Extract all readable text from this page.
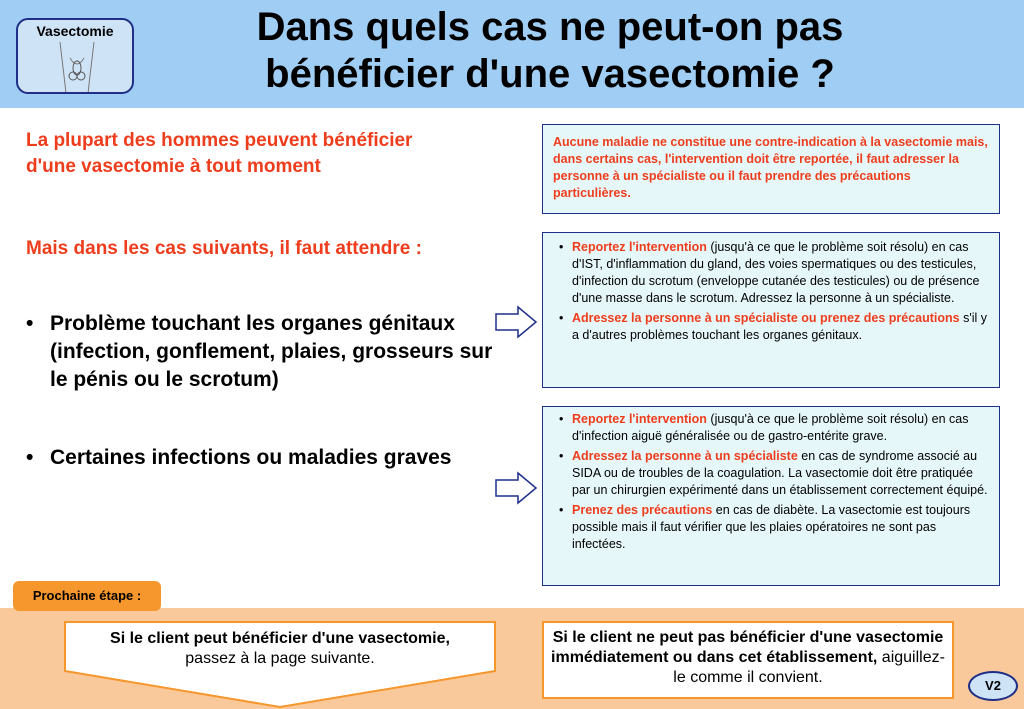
Vasectomie	Dans quels cas ne peut-on pas
bénéficier d'une vasectomie ?
La plupart des hommes peuvent bénéficier d'une vasectomie à tout moment
Mais dans les cas suivants, il faut attendre :
• Problème touchant les organes génitaux (infection, gonflement, plaies, grosseurs sur le pénis ou le scrotum)
• Certaines infections ou maladies graves
Aucune maladie ne constitue une contre-indication à la vasectomie mais, dans certains cas, l'intervention doit être reportée, il faut adresser la personne à un spécialiste ou il faut prendre des précautions particulières.
• Reportez l'intervention (jusqu'à ce que le problème soit résolu) en cas d'IST, d'inflammation du gland, des voies spermatiques ou des testicules, d'infection du scrotum (enveloppe cutanée des testicules) ou de présence d'une masse dans le scrotum. Adressez la personne à un spécialiste.
• Adressez la personne à un spécialiste ou prenez des précautions s'il y a d'autres problèmes touchant les organes génitaux.
• Reportez l'intervention (jusqu'à ce que le problème soit résolu) en cas d'infection aiguë généralisée ou de gastro-entérite grave.
• Adressez la personne à un spécialiste en cas de syndrome associé au SIDA ou de troubles de la coagulation. La vasectomie doit être pratiquée par un chirurgien expérimenté dans un établissement correctement équipé.
• Prenez des précautions en cas de diabète. La vasectomie est toujours possible mais il faut vérifier que les plaies opératoires ne sont pas infectées.
Prochaine étape :
Si le client peut bénéficier d'une vasectomie,
passez à la page suivante.
Si le client ne peut pas bénéficier d'une vasectomie immédiatement ou dans cet établissement, aiguillez-le comme il convient.	V2
